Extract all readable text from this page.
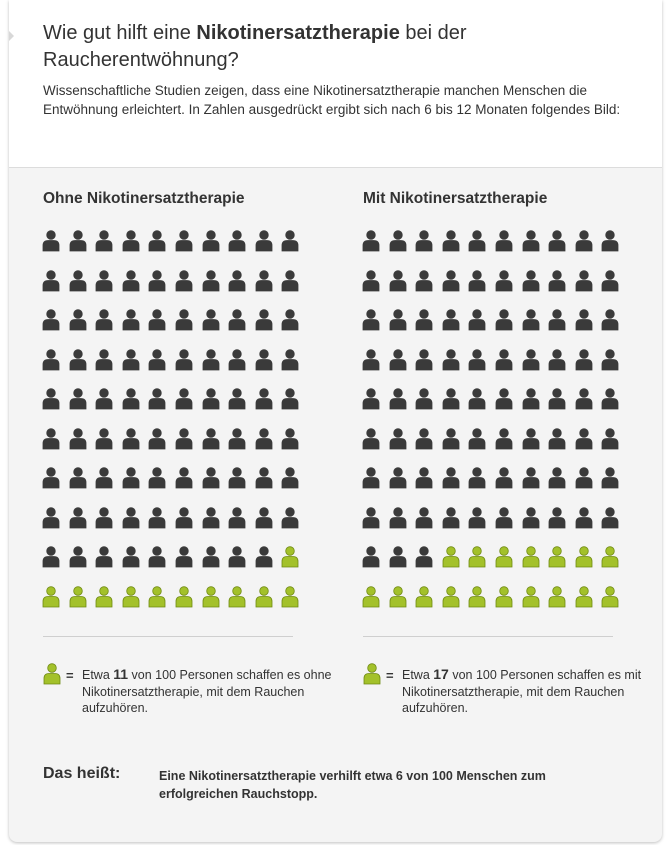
Wie gut hilft eine Nikotinersatztherapie bei der Raucherentwöhnung?
Wissenschaftliche Studien zeigen, dass eine Nikotinersatztherapie manchen Menschen die Entwöhnung erleichtert. In Zahlen ausgedrückt ergibt sich nach 6 bis 12 Monaten folgendes Bild:
Ohne Nikotinersatztherapie	Mit Nikotinersatztherapie
= Etwa 11 von 100 Personen schaffen es ohne Nikotinersatztherapie, mit dem Rauchen aufzuhören.
= Etwa 17 von 100 Personen schaffen es mit Nikotinersatztherapie, mit dem Rauchen aufzuhören.
Das heißt:	Eine Nikotinersatztherapie verhilft etwa 6 von 100 Menschen zum erfolgreichen Rauchstopp.
